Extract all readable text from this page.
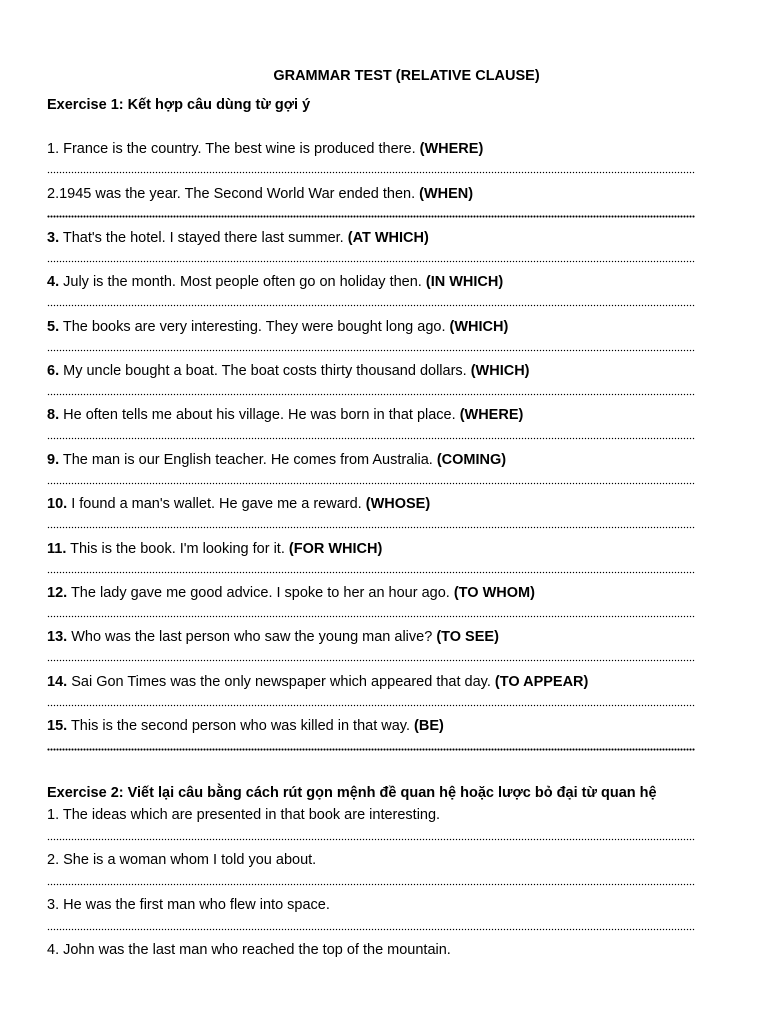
GRAMMAR TEST (RELATIVE CLAUSE)
Exercise 1: Kết hợp câu dùng từ gợi ý
1. France is the country. The best wine is produced there. (WHERE)
2.1945 was the year. The Second World War ended then. (WHEN)
3. That's the hotel. I stayed there last summer. (AT WHICH)
4. July is the month. Most people often go on holiday then. (IN WHICH)
5. The books are very interesting. They were bought long ago. (WHICH)
6. My uncle bought a boat. The boat costs thirty thousand dollars. (WHICH)
8. He often tells me about his village. He was born in that place. (WHERE)
9. The man is our English teacher. He comes from Australia. (COMING)
10. I found a man's wallet. He gave me a reward. (WHOSE)
11. This is the book. I'm looking for it. (FOR WHICH)
12. The lady gave me good advice. I spoke to her an hour ago. (TO WHOM)
13. Who was the last person who saw the young man alive? (TO SEE)
14. Sai Gon Times was the only newspaper which appeared that day. (TO APPEAR)
15. This is the second person who was killed in that way. (BE)
Exercise 2: Viết lại câu bằng cách rút gọn mệnh đề quan hệ hoặc lược bỏ đại từ quan hệ
1. The ideas which are presented in that book are interesting.
2. She is a woman whom I told you about.
3. He was the first man who flew into space.
4. John was the last man who reached the top of the mountain.
